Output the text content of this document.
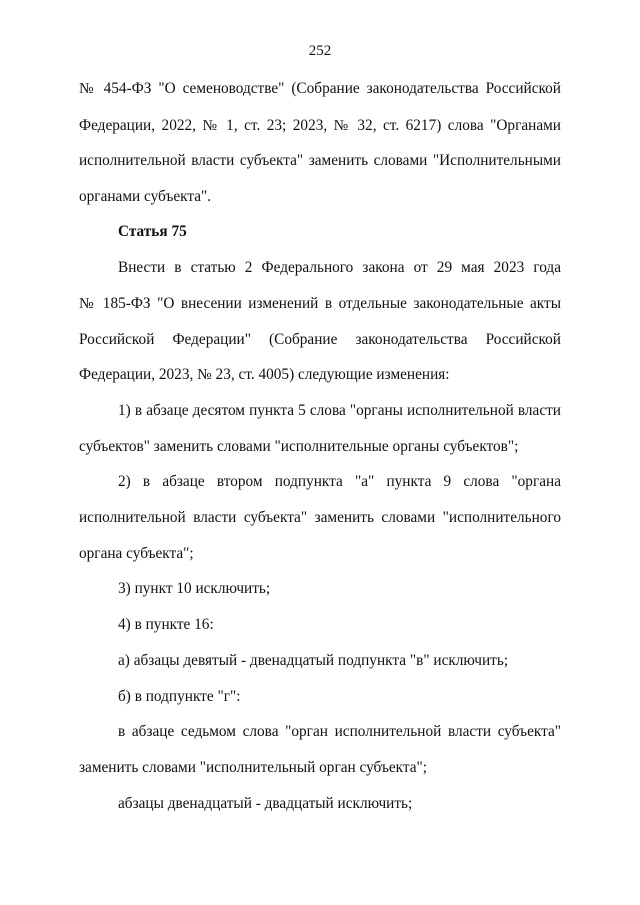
252
№ 454-ФЗ "О семеноводстве" (Собрание законодательства Российской
Федерации, 2022, № 1, ст. 23; 2023, № 32, ст. 6217) слова "Органами
исполнительной власти субъекта" заменить словами "Исполнительными
органами субъекта".
Статья 75
Внести в статью 2 Федерального закона от 29 мая 2023 года
№ 185-ФЗ "О внесении изменений в отдельные законодательные акты
Российской Федерации" (Собрание законодательства Российской
Федерации, 2023, № 23, ст. 4005) следующие изменения:
1) в абзаце десятом пункта 5 слова "органы исполнительной власти
субъектов" заменить словами "исполнительные органы субъектов";
2) в абзаце втором подпункта "а" пункта 9 слова "органа
исполнительной власти субъекта" заменить словами "исполнительного
органа субъекта";
3) пункт 10 исключить;
4) в пункте 16:
а) абзацы девятый - двенадцатый подпункта "в" исключить;
б) в подпункте "г":
в абзаце седьмом слова "орган исполнительной власти субъекта"
заменить словами "исполнительный орган субъекта";
абзацы двенадцатый - двадцатый исключить;
